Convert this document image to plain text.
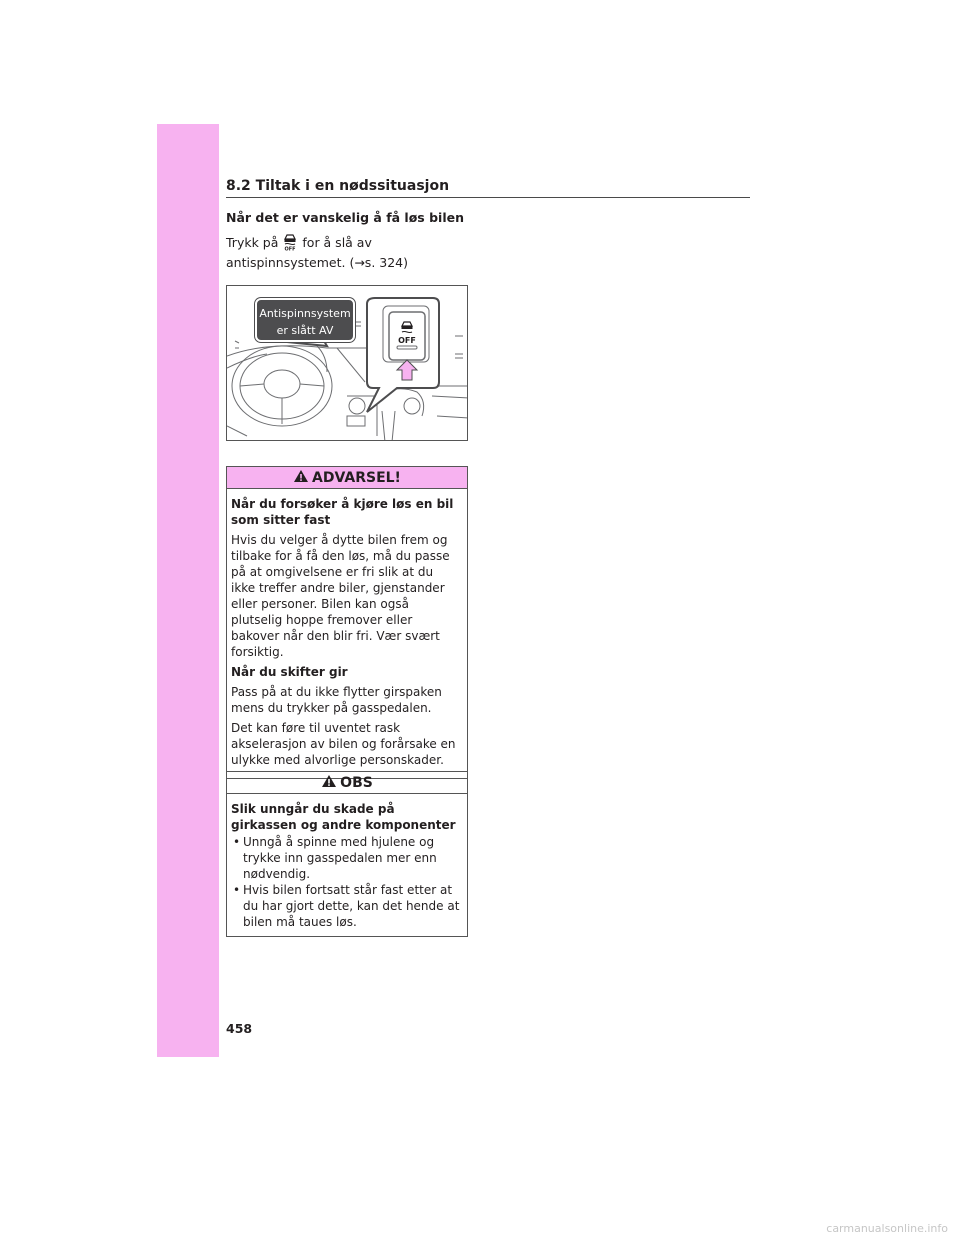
8.2 Tiltak i en nødssituasjon
Når det er vanskelig å få løs bilen
Trykk på OFF for å slå av antispinnsystemet. (→s. 324)
OFF
Antispinnsystem
er slått AV
ADVARSEL!

Når du forsøker å kjøre løs en bil som sitter fast

Hvis du velger å dytte bilen frem og tilbake for å få den løs, må du passe på at omgivelsene er fri slik at du ikke treffer andre biler, gjenstander eller personer. Bilen kan også plutselig hoppe fremover eller bakover når den blir fri. Vær svært forsiktig.

Når du skifter gir

Pass på at du ikke flytter girspaken mens du trykker på gasspedalen.

Det kan føre til uventet rask akselerasjon av bilen og forårsake en ulykke med alvorlige personskader.

OBS

Slik unngår du skade på girkassen og andre komponenter

• Unngå å spinne med hjulene og trykke inn gasspedalen mer enn nødvendig.
• Hvis bilen fortsatt står fast etter at du har gjort dette, kan det hende at bilen må taues løs.
458
carmanualsonline.info
